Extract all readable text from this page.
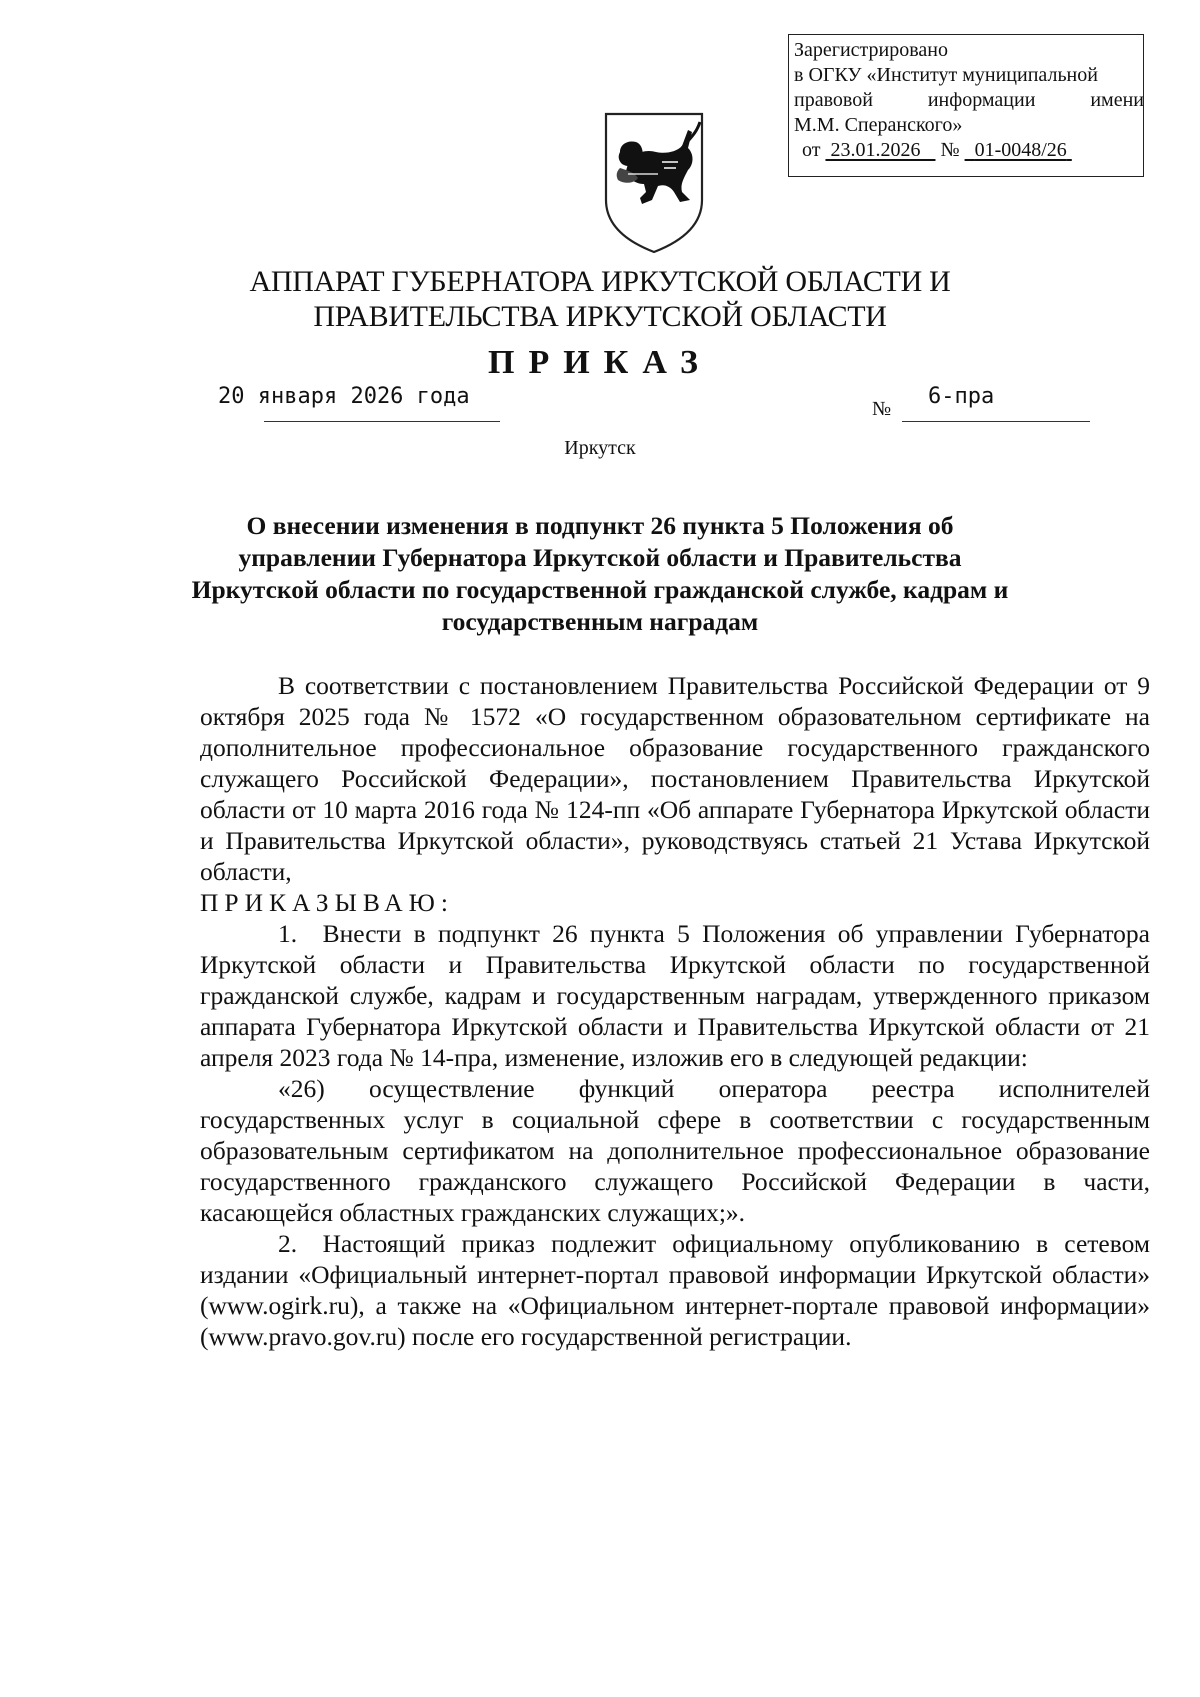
Зарегистрировано
в ОГКУ «Институт муниципальной
правовой	информации	имени
М.М. Сперанского»
от 23.01.2026 № 01-0048/26
АППАРАТ ГУБЕРНАТОРА ИРКУТСКОЙ ОБЛАСТИ И
ПРАВИТЕЛЬСТВА ИРКУТСКОЙ ОБЛАСТИ
ПРИКАЗ
20 января 2026 года	№ 6-пра
Иркутск
О внесении изменения в подпункт 26 пункта 5 Положения об
управлении Губернатора Иркутской области и Правительства
Иркутской области по государственной гражданской службе, кадрам и
государственным наградам

В соответствии с постановлением Правительства Российской Федерации от 9 октября 2025 года № 1572 «О государственном образовательном сертификате на дополнительное профессиональное образование государственного гражданского служащего Российской Федерации», постановлением Правительства Иркутской области от 10 марта 2016 года № 124-пп «Об аппарате Губернатора Иркутской области и Правительства Иркутской области», руководствуясь статьей 21 Устава Иркутской области,

ПРИКАЗЫВАЮ:

1. Внести в подпункт 26 пункта 5 Положения об управлении Губернатора Иркутской области и Правительства Иркутской области по государственной гражданской службе, кадрам и государственным наградам, утвержденного приказом аппарата Губернатора Иркутской области и Правительства Иркутской области от 21 апреля 2023 года № 14-пра, изменение, изложив его в следующей редакции:

«26) осуществление функций оператора реестра исполнителей государственных услуг в социальной сфере в соответствии с государственным образовательным сертификатом на дополнительное профессиональное образование государственного гражданского служащего Российской Федерации в части, касающейся областных гражданских служащих;».

2. Настоящий приказ подлежит официальному опубликованию в сетевом издании «Официальный интернет-портал правовой информации Иркутской области» (www.ogirk.ru), а также на «Официальном интернет-портале правовой информации» (www.pravo.gov.ru) после его государственной регистрации.
